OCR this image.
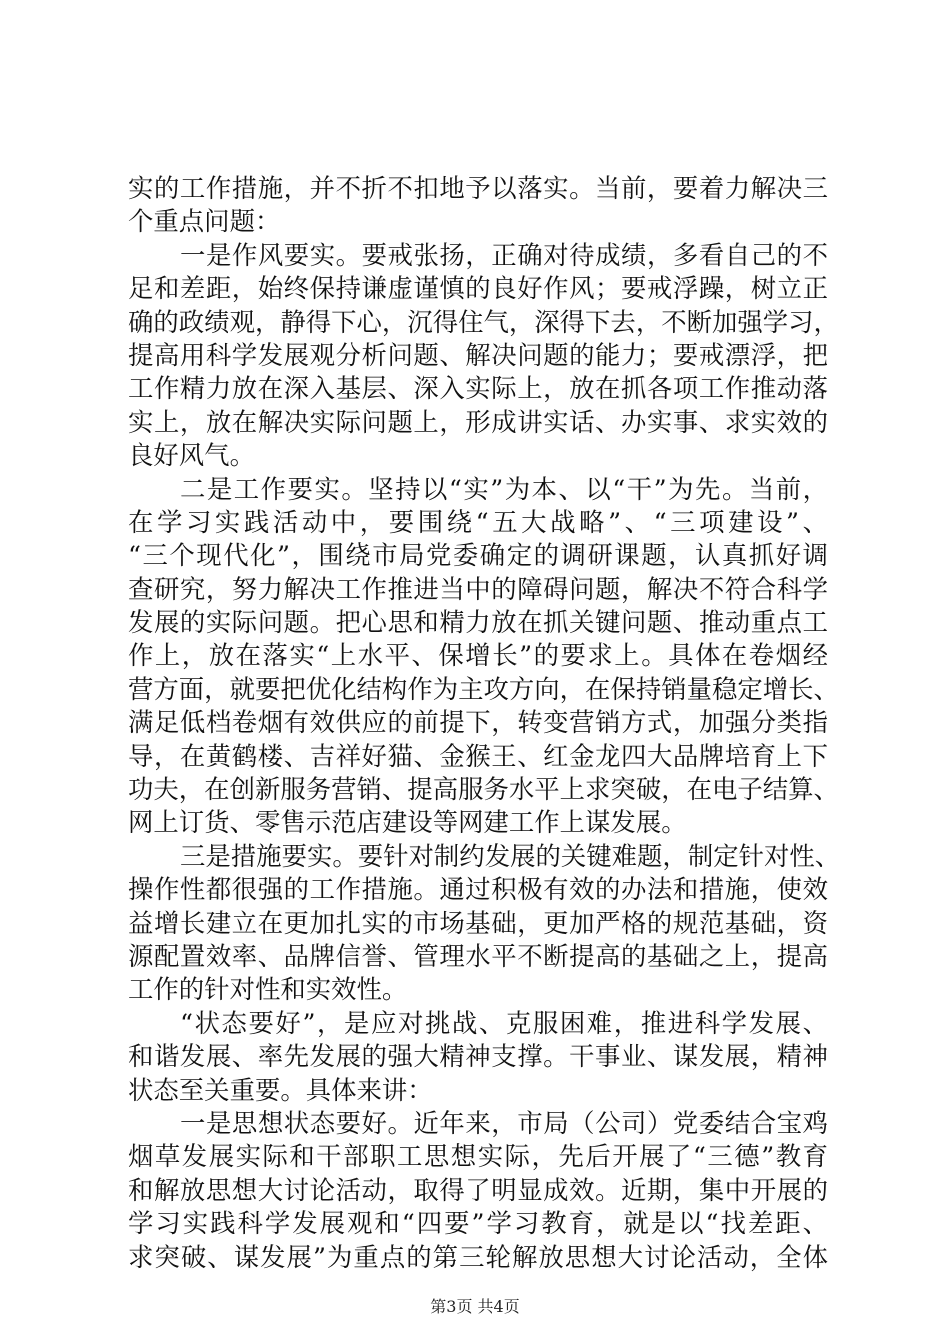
实的工作措施，并不折不扣地予以落实。当前，要着力解决三
个重点问题：
一是作风要实。要戒张扬，正确对待成绩，多看自己的不
足和差距，始终保持谦虚谨慎的良好作风；要戒浮躁，树立正
确的政绩观，静得下心，沉得住气，深得下去，不断加强学习，
提高用科学发展观分析问题、解决问题的能力；要戒漂浮，把
工作精力放在深入基层、深入实际上，放在抓各项工作推动落
实上，放在解决实际问题上，形成讲实话、办实事、求实效的
良好风气。
二是工作要实。坚持以“实”为本、以“干”为先。当前，
在学习实践活动中，要围绕“五大战略”、“三项建设”、
“三个现代化”，围绕市局党委确定的调研课题，认真抓好调
查研究，努力解决工作推进当中的障碍问题，解决不符合科学
发展的实际问题。把心思和精力放在抓关键问题、推动重点工
作上，放在落实“上水平、保增长”的要求上。具体在卷烟经
营方面，就要把优化结构作为主攻方向，在保持销量稳定增长、
满足低档卷烟有效供应的前提下，转变营销方式，加强分类指
导，在黄鹤楼、吉祥好猫、金猴王、红金龙四大品牌培育上下
功夫，在创新服务营销、提高服务水平上求突破，在电子结算、
网上订货、零售示范店建设等网建工作上谋发展。
三是措施要实。要针对制约发展的关键难题，制定针对性、
操作性都很强的工作措施。通过积极有效的办法和措施，使效
益增长建立在更加扎实的市场基础，更加严格的规范基础，资
源配置效率、品牌信誉、管理水平不断提高的基础之上，提高
工作的针对性和实效性。
“状态要好”，是应对挑战、克服困难，推进科学发展、
和谐发展、率先发展的强大精神支撑。干事业、谋发展，精神
状态至关重要。具体来讲：
一是思想状态要好。近年来，市局（公司）党委结合宝鸡
烟草发展实际和干部职工思想实际，先后开展了“三德”教育
和解放思想大讨论活动，取得了明显成效。近期，集中开展的
学习实践科学发展观和“四要”学习教育，就是以“找差距、
求突破、谋发展”为重点的第三轮解放思想大讨论活动，全体
第3页 共4页
